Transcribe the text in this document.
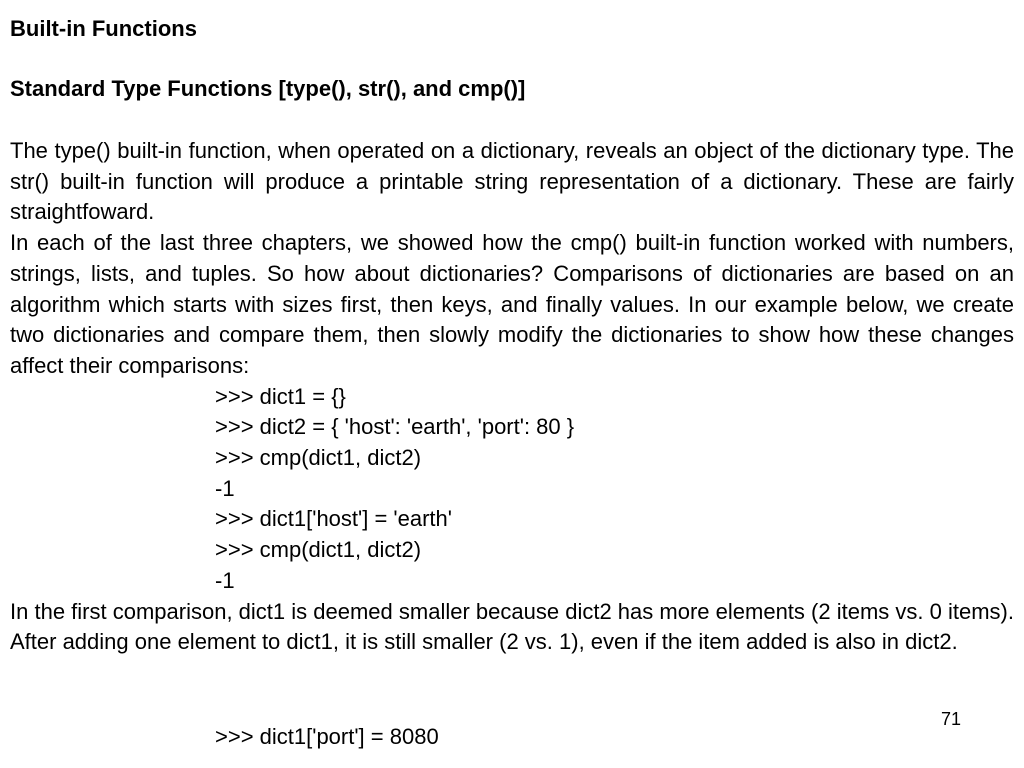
Built-in Functions

Standard Type Functions [type(), str(), and cmp()]

The type() built-in function, when operated on a dictionary, reveals an object of the dictionary type. The str() built-in function will produce a printable string representation of a dictionary. These are fairly straightfoward.

In each of the last three chapters, we showed how the cmp() built-in function worked with numbers, strings, lists, and tuples. So how about dictionaries? Comparisons of dictionaries are based on an algorithm which starts with sizes first, then keys, and finally values. In our example below, we create two dictionaries and compare them, then slowly modify the dictionaries to show how these changes affect their comparisons:

>>> dict1 = {}
>>> dict2 = { 'host': 'earth', 'port': 80 }
>>> cmp(dict1, dict2)
-1
>>> dict1['host'] = 'earth'
>>> cmp(dict1, dict2)
-1

In the first comparison, dict1 is deemed smaller because dict2 has more elements (2 items vs. 0 items). After adding one element to dict1, it is still smaller (2 vs. 1), even if the item added is also in dict2.

>>> dict1['port'] = 8080
71
